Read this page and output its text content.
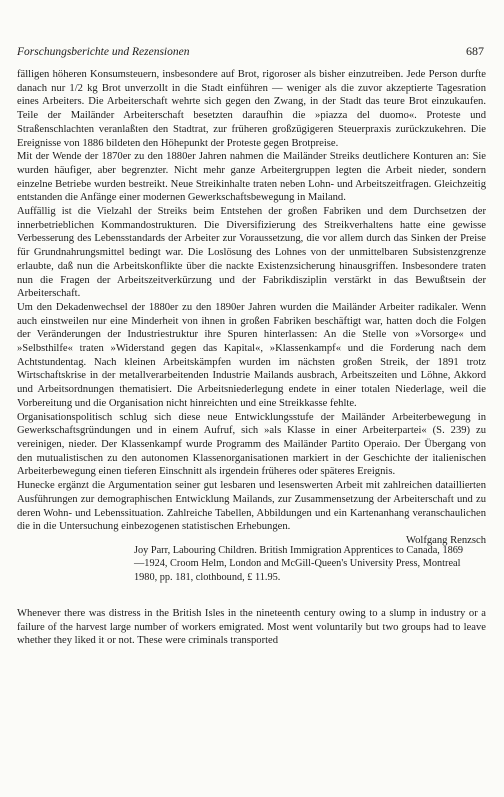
Forschungsberichte und Rezensionen	687

fälligen höheren Konsumsteuern, insbesondere auf Brot, rigoroser als bisher einzutreiben. Jede Person durfte danach nur 1/2 kg Brot unverzollt in die Stadt einführen — weniger als die zuvor akzeptierte Tagesration eines Arbeiters. Die Arbeiterschaft wehrte sich gegen den Zwang, in der Stadt das teure Brot einzukaufen. Teile der Mailänder Arbeiterschaft besetzten daraufhin die »piazza del duomo«. Proteste und Straßenschlachten veranlaßten den Stadtrat, zur früheren großzügigeren Steuerpraxis zurückzukehren. Die Ereignisse von 1886 bildeten den Höhepunkt der Proteste gegen Brotpreise.

Mit der Wende der 1870er zu den 1880er Jahren nahmen die Mailänder Streiks deutlichere Konturen an: Sie wurden häufiger, aber begrenzter. Nicht mehr ganze Arbeitergruppen legten die Arbeit nieder, sondern einzelne Betriebe wurden bestreikt. Neue Streikinhalte traten neben Lohn- und Arbeitszeitfragen. Gleichzeitig entstanden die Anfänge einer modernen Gewerkschaftsbewegung in Mailand.

Auffällig ist die Vielzahl der Streiks beim Entstehen der großen Fabriken und dem Durchsetzen der innerbetrieblichen Kommandostrukturen. Die Diversifizierung des Streikverhaltens hatte eine gewisse Verbesserung des Lebensstandards der Arbeiter zur Voraussetzung, die vor allem durch das Sinken der Preise für Grundnahrungsmittel bedingt war. Die Loslösung des Lohnes von der unmittelbaren Subsistenzgrenze erlaubte, daß nun die Arbeitskonflikte über die nackte Existenzsicherung hinausgriffen. Insbesondere traten nun die Fragen der Arbeitszeitverkürzung und der Fabrikdisziplin verstärkt in das Bewußtsein der Arbeiterschaft.

Um den Dekadenwechsel der 1880er zu den 1890er Jahren wurden die Mailänder Arbeiter radikaler. Wenn auch einstweilen nur eine Minderheit von ihnen in großen Fabriken beschäftigt war, hatten doch die Folgen der Veränderungen der Industriestruktur ihre Spuren hinterlassen: An die Stelle von »Vorsorge« und »Selbsthilfe« traten »Widerstand gegen das Kapital«, »Klassenkampf« und die Forderung nach dem Achtstundentag. Nach kleinen Arbeitskämpfen wurden im nächsten großen Streik, der 1891 trotz Wirtschaftskrise in der metallverarbeitenden Industrie Mailands ausbrach, Arbeitszeiten und Löhne, Akkord und Arbeitsordnungen thematisiert. Die Arbeitsniederlegung endete in einer totalen Niederlage, weil die Vorbereitung und die Organisation nicht hinreichten und eine Streikkasse fehlte.

Organisationspolitisch schlug sich diese neue Entwicklungsstufe der Mailänder Arbeiterbewegung in Gewerkschaftsgründungen und in einem Aufruf, sich »als Klasse in einer Arbeiterpartei« (S. 239) zu vereinigen, nieder. Der Klassenkampf wurde Programm des Mailänder Partito Operaio. Der Übergang von den mutualistischen zu den autonomen Klassenorganisationen markiert in der Geschichte der italienischen Arbeiterbewegung einen tieferen Einschnitt als irgendein früheres oder späteres Ereignis.

Hunecke ergänzt die Argumentation seiner gut lesbaren und lesenswerten Arbeit mit zahlreichen dataillierten Ausführungen zur demographischen Entwicklung Mailands, zur Zusammensetzung der Arbeiterschaft und zu deren Wohn- und Lebenssituation. Zahlreiche Tabellen, Abbildungen und ein Kartenanhang veranschaulichen die in die Untersuchung einbezogenen statistischen Erhebungen.

Wolfgang Renzsch

Joy Parr, Labouring Children. British Immigration Apprentices to Canada, 1869—1924, Croom Helm, London and McGill-Queen's University Press, Montreal 1980, pp. 181, clothbound, £ 11.95.

Whenever there was distress in the British Isles in the nineteenth century owing to a slump in industry or a failure of the harvest large number of workers emigrated. Most went voluntarily but two groups had to leave whether they liked it or not. These were criminals transported
